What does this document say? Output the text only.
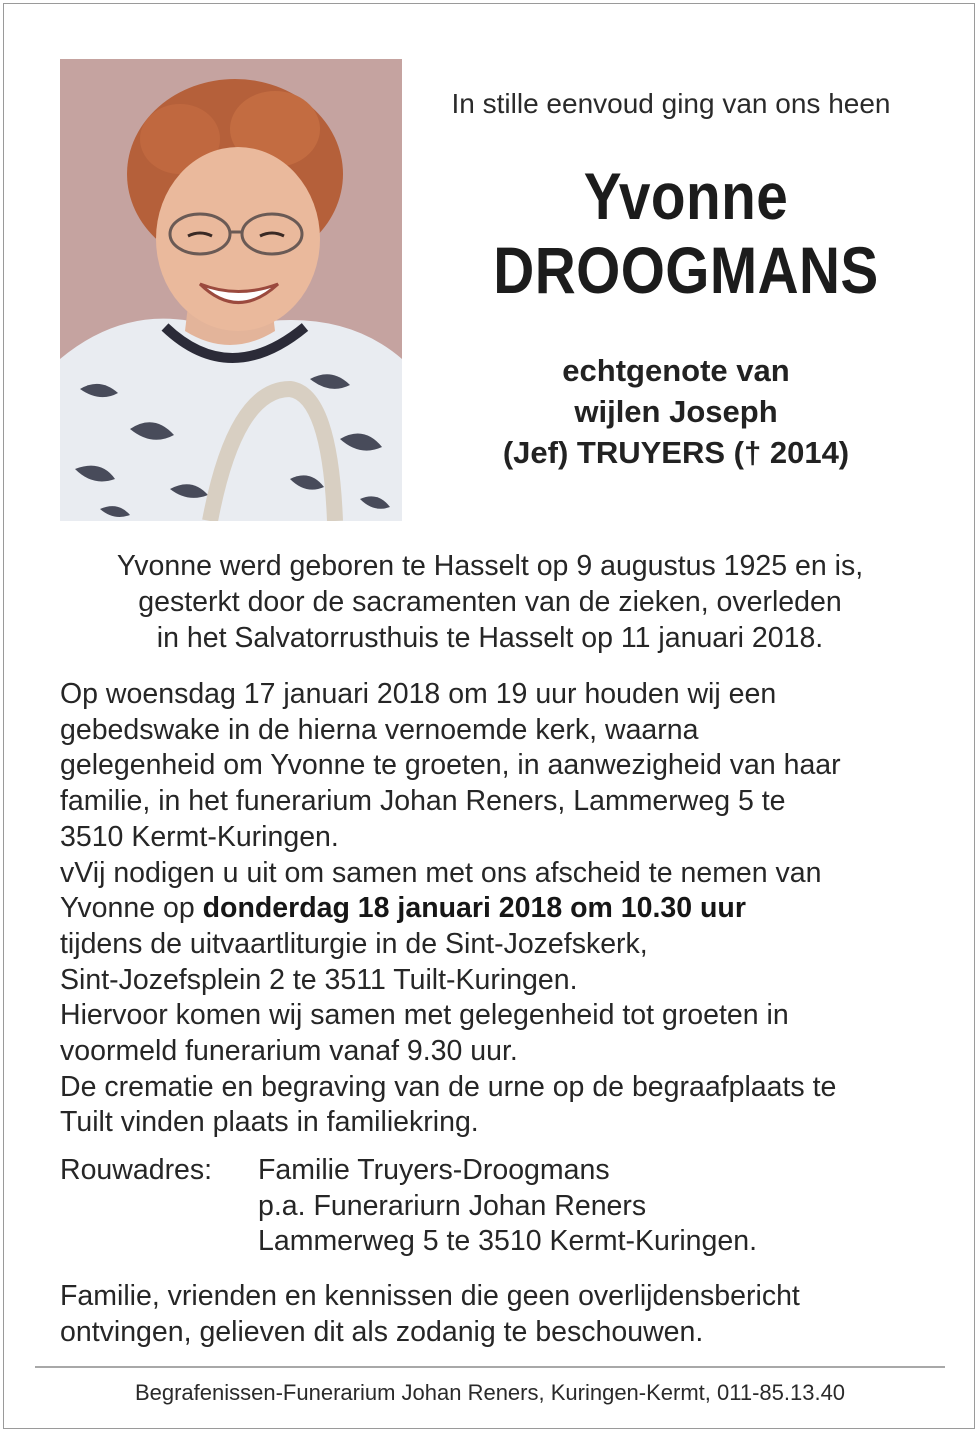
In stille eenvoud ging van ons heen
Yvonne
DROOGMANS
echtgenote van
wijlen Joseph
(Jef) TRUYERS († 2014)
Yvonne werd geboren te Hasselt op 9 augustus 1925 en is,
gesterkt door de sacramenten van de zieken, overleden
in het Salvatorrusthuis te Hasselt op 11 januari 2018.
Op woensdag 17 januari 2018 om 19 uur houden wij een
gebedswake in de hierna vernoemde kerk, waarna
gelegenheid om Yvonne te groeten, in aanwezigheid van haar
familie, in het funerarium Johan Reners, Lammerweg 5 te
3510 Kermt-Kuringen.
vVij nodigen u uit om samen met ons afscheid te nemen van
Yvonne op donderdag 18 januari 2018 om 10.30 uur
tijdens de uitvaartliturgie in de Sint-Jozefskerk,
Sint-Jozefsplein 2 te 3511 Tuilt-Kuringen.
Hiervoor komen wij samen met gelegenheid tot groeten in
voormeld funerarium vanaf 9.30 uur.
De crematie en begraving van de urne op de begraafplaats te
Tuilt vinden plaats in familiekring.
Rouwadres: Familie Truyers-Droogmans
p.a. Funerariurn Johan Reners
Lammerweg 5 te 3510 Kermt-Kuringen.
Familie, vrienden en kennissen die geen overlijdensbericht
ontvingen, gelieven dit als zodanig te beschouwen.
Begrafenissen-Funerarium Johan Reners, Kuringen-Kermt, 011-85.13.40
